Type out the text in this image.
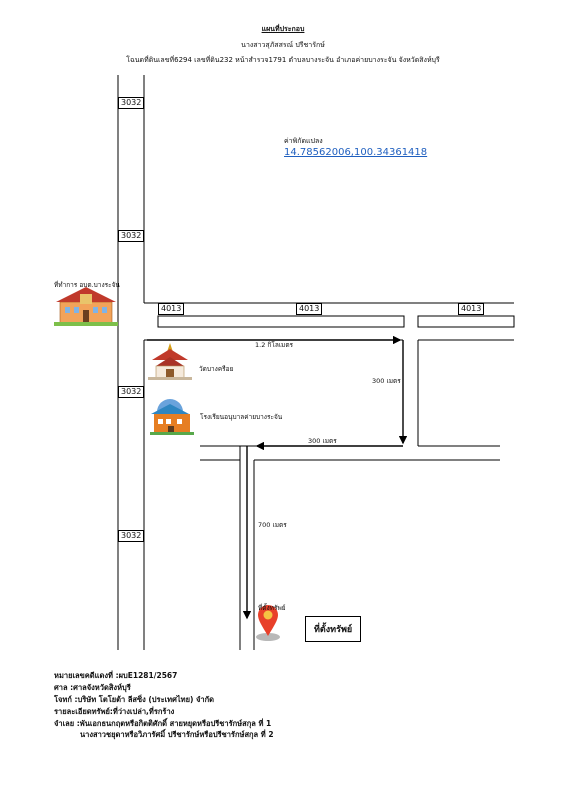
แผนที่ประกอบ
นางสาวสุภัสสรณ์ ปรีชารักษ์
โฉนดที่ดินเลขที่6294 เลขที่ดิน232 หน้าสำรวจ1791 ตำบลบางระจัน อำเภอค่ายบางระจัน จังหวัดสิงห์บุรี
ค่าพิกัดแปลง
14.78562006,100.34361418
3032
3032
3032
3032
4013	4013	4013
ที่ทำการ อบต.บางระจัน
วัดบางครือย
โรงเรียนอนุบาลค่ายบางระจัน
ที่ตั้งทรัพย์
ที่ตั้งทรัพย์
1.2 กิโลเมตร
300 เมตร
300 เมตร
700 เมตร
หมายเลขคดีแดงที่ :ผบE1281/2567
ศาล :ศาลจังหวัดสิงห์บุรี
โจทก์ :บริษัท โตโยต้า ลีสซิ่ง (ประเทศไทย) จำกัด
รายละเอียดทรัพย์:ที่ว่างเปล่า,ที่รกร้าง
จำเลย :พันเอกธนกฤตหรือกิตติศักดิ์ สายหยุดหรือปรีชารักษ์สกุล ที่ 1
นางสาวชยุดาหรือวิภารัศมิ์ ปรีชารักษ์หรือปรีชารักษ์สกุล ที่ 2
